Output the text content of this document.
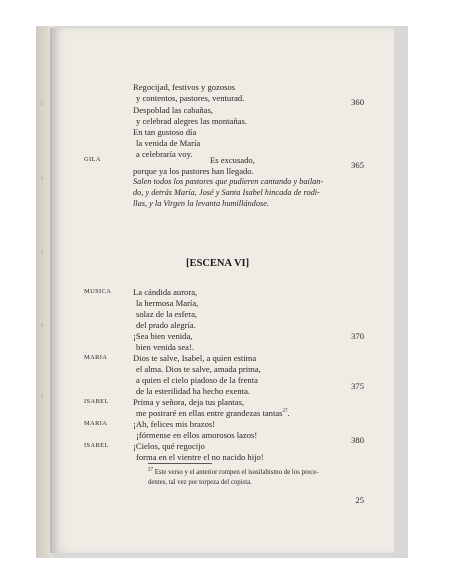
ı
ı
ı
ı
ı
Regocijad, festivos y gozosos
y contentos, pastores, venturad.
Despoblad las cabañas,
y celebrad alegres las montañas.
En tan gustoso día
la venida de María
a celebraría voy.
360
GILA	Es excusado,
porque ya los pastores han llegado.
365
Salen todos los pastores que pudieren cantando y bailan-
do, y detrás María, José y Santa Isabel hincada de rodi-
llas, y la Virgen la levanta humillándose.
[ESCENA VI]
MUSICA	La cándida aurora,
la hermosa María,
solaz de la esfera,
del prado alegría.
¡Sea bien venida,
bien venida sea!.
370
MARIA	Dios te salve, Isabel, a quien estima
el alma. Dios te salve, amada prima,
a quien el cielo piadoso de la frenta
de la esterilidad ha hecho exenta.	375
ISABEL	Prima y señora, deja tus plantas,
me postraré en ellas entre grandezas tantas$^{27}$.
MARIA	¡Ah, felices mis brazos!
¡fórmense en ellos amorosos lazos!
ISABEL	¡Cielos, qué regocijo
forma en el vientre el no nacido hijo!
380
$^{27}$ Este verso y el anterior rompen el isosilabismo de los prece-
dentes, tal vez por torpeza del copista.
25
